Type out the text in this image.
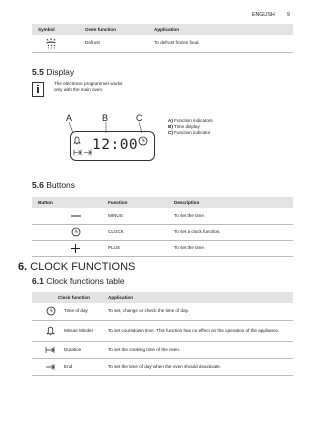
ENGLISH 9
Symbol	Oven function	Application

	Defrost	To defrost frozen food.
5.5 Display
The electronic programmer works only with the main oven.
A	B	C
12:00
A) Function indicators
B) Time display
C) Function indicator
5.6 Buttons
Button	Function	Description

	MINUS	To set the time.

	CLOCK	To set a clock function.

	PLUS	To set the time.
6. CLOCK FUNCTIONS
6.1 Clock functions table
	Clock function	Application

	Time of day	To set, change or check the time of day.

	Minute Minder	To set countdown time. This function has no effect on the operation of the appliance.

	Duration	To set the cooking time of the oven.

	End	To set the time of day when the oven should deactivate.
